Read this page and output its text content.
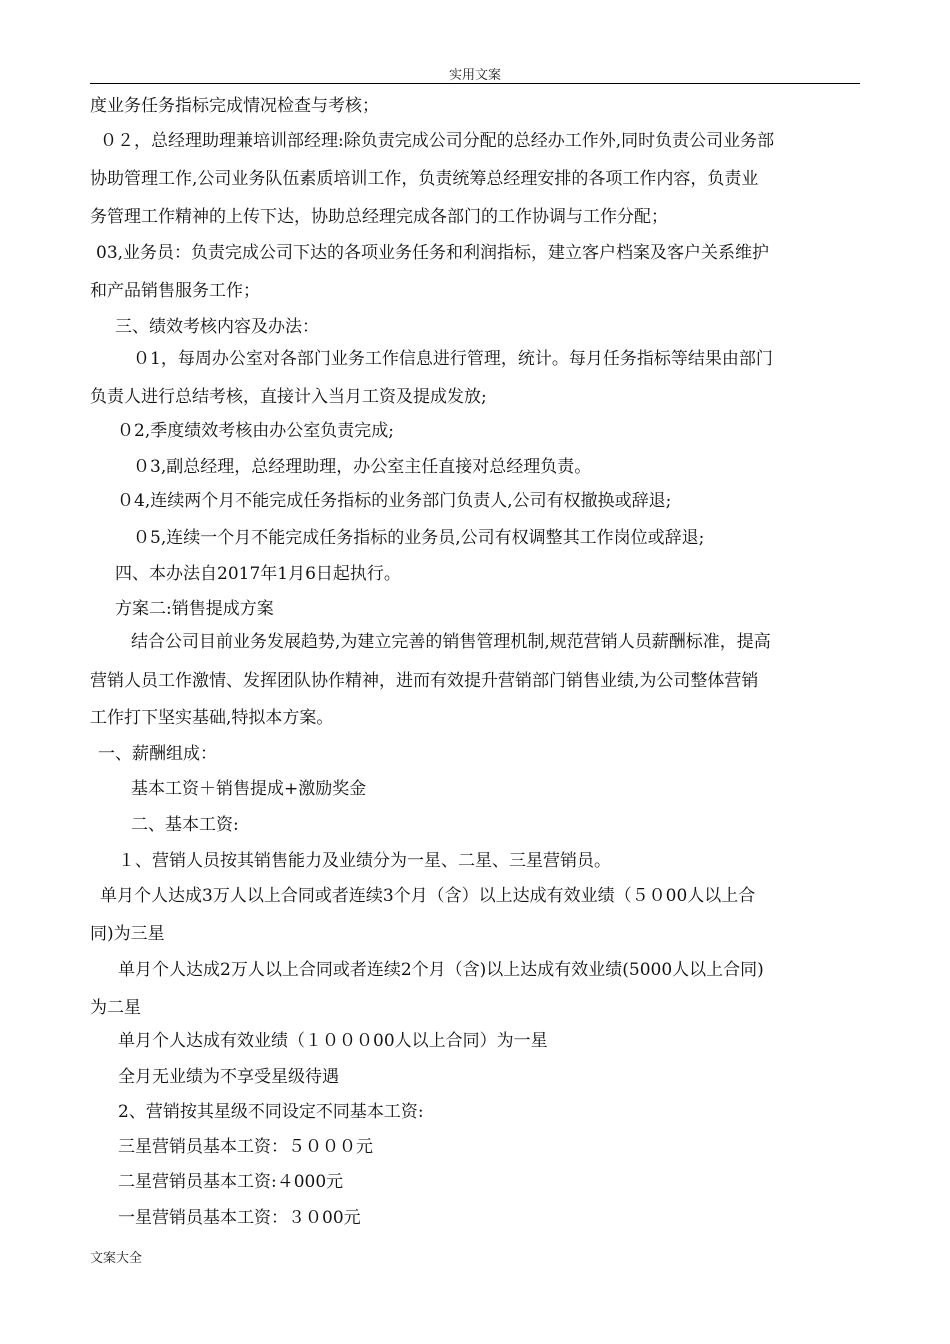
实用文案
度业务任务指标完成情况检查与考核；
０２，总经理助理兼培训部经理:除负责完成公司分配的总经办工作外,同时负责公司业务部
协助管理工作,公司业务队伍素质培训工作，负责统筹总经理安排的各项工作内容，负责业
务管理工作精神的上传下达，协助总经理完成各部门的工作协调与工作分配；
03,业务员：负责完成公司下达的各项业务任务和利润指标，建立客户档案及客户关系维护
和产品销售服务工作；
三、绩效考核内容及办法：
０1，每周办公室对各部门业务工作信息进行管理，统计。每月任务指标等结果由部门
负责人进行总结考核，直接计入当月工资及提成发放;
０2,季度绩效考核由办公室负责完成;
０3,副总经理，总经理助理，办公室主任直接对总经理负责。
０4,连续两个月不能完成任务指标的业务部门负责人,公司有权撤换或辞退;
０5,连续一个月不能完成任务指标的业务员,公司有权调整其工作岗位或辞退;
四、本办法自2017年1月6日起执行。
方案二:销售提成方案
结合公司目前业务发展趋势,为建立完善的销售管理机制,规范营销人员薪酬标准，提高
营销人员工作激情、发挥团队协作精神，进而有效提升营销部门销售业绩,为公司整体营销
工作打下坚实基础,特拟本方案。
一、薪酬组成：
基本工资＋销售提成+激励奖金
二、基本工资:
１、营销人员按其销售能力及业绩分为一星、二星、三星营销员。
单月个人达成3万人以上合同或者连续3个月（含）以上达成有效业绩（５０00人以上合
同)为三星
单月个人达成2万人以上合同或者连续2个月（含)以上达成有效业绩(5000人以上合同)
为二星
单月个人达成有效业绩（１０００00人以上合同）为一星
全月无业绩为不享受星级待遇
2、营销按其星级不同设定不同基本工资:
三星营销员基本工资：５０００元
二星营销员基本工资:４000元
一星营销员基本工资：３０00元
文案大全
